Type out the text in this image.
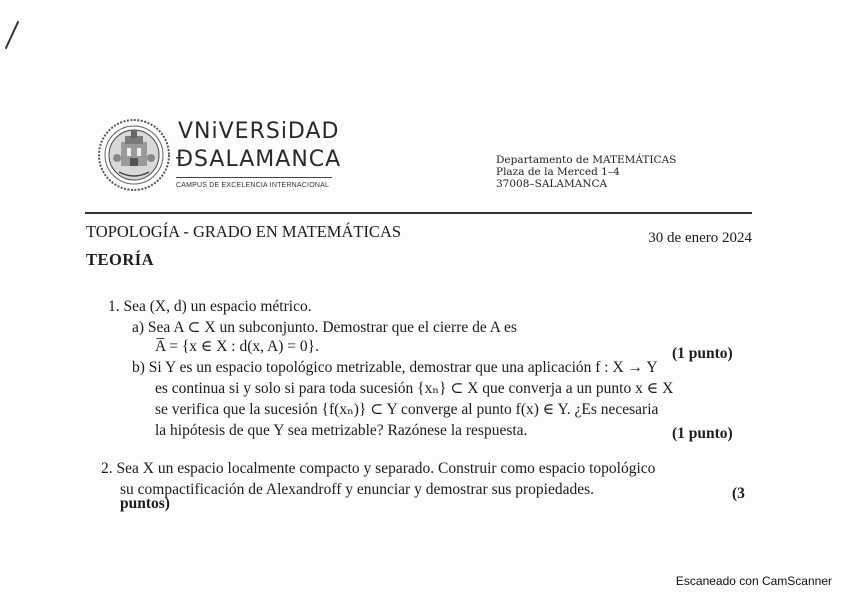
VNiVERSiDAD
ÐSALAMANCA
CAMPUS DE EXCELENCIA INTERNACIONAL
Departamento de MATEMÁTICAS
Plaza de la Merced 1–4
37008–SALAMANCA
TOPOLOGÍA - GRADO EN MATEMÁTICAS	30 de enero 2024
TEORÍA
1. Sea (X, d) un espacio métrico.
a) Sea A ⊂ X un subconjunto. Demostrar que el cierre de A es
A̅ = {x ∈ X : d(x, A) = 0}.	(1 punto)
b) Si Y es un espacio topológico metrizable, demostrar que una aplicación f : X → Y
es continua si y solo si para toda sucesión {xₙ} ⊂ X que converja a un punto x ∈ X
se verifica que la sucesión {f(xₙ)} ⊂ Y converge al punto f(x) ∈ Y. ¿Es necesaria
la hipótesis de que Y sea metrizable? Razónese la respuesta.	(1 punto)
2. Sea X un espacio localmente compacto y separado. Construir como espacio topológico
su compactificación de Alexandroff y enunciar y demostrar sus propiedades.	(3
puntos)
Escaneado con CamScanner
